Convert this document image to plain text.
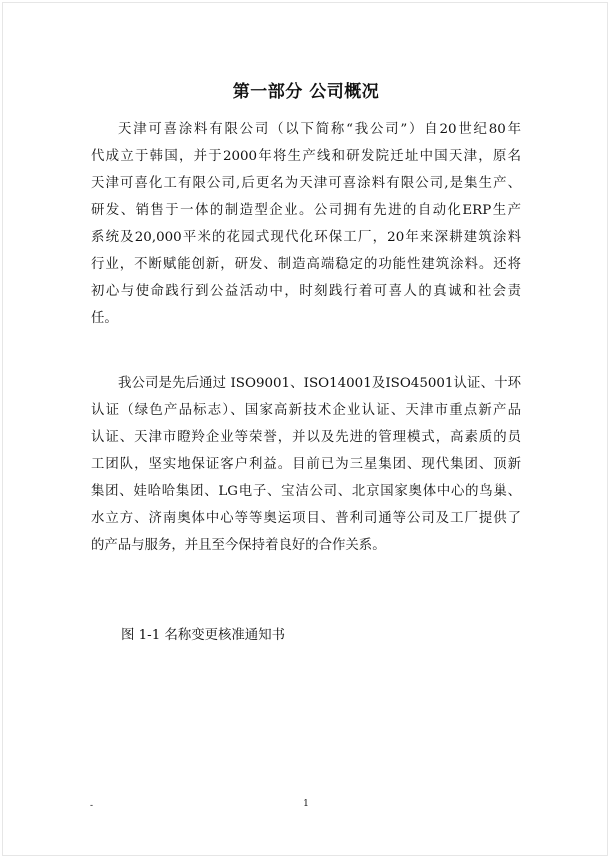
第一部分 公司概况
天津可喜涂料有限公司（以下简称“我公司”）自20世纪80年
代成立于韩国，并于2000年将生产线和研发院迁址中国天津，原名
天津可喜化工有限公司,后更名为天津可喜涂料有限公司,是集生产、
研发、销售于一体的制造型企业。公司拥有先进的自动化ERP生产
系统及20,000平米的花园式现代化环保工厂，20年来深耕建筑涂料
行业，不断赋能创新，研发、制造高端稳定的功能性建筑涂料。还将
初心与使命践行到公益活动中，时刻践行着可喜人的真诚和社会责
任。
我公司是先后通过 ISO9001、ISO14001及ISO45001认证、十环
认证（绿色产品标志）、国家高新技术企业认证、天津市重点新产品
认证、天津市瞪羚企业等荣誉，并以及先进的管理模式，高素质的员
工团队，坚实地保证客户利益。目前已为三星集团、现代集团、顶新
集团、娃哈哈集团、LG电子、宝洁公司、北京国家奥体中心的鸟巢、
水立方、济南奥体中心等等奥运项目、普利司通等公司及工厂提供了
的产品与服务，并且至今保持着良好的合作关系。
图 1-1 名称变更核准通知书
-	1
